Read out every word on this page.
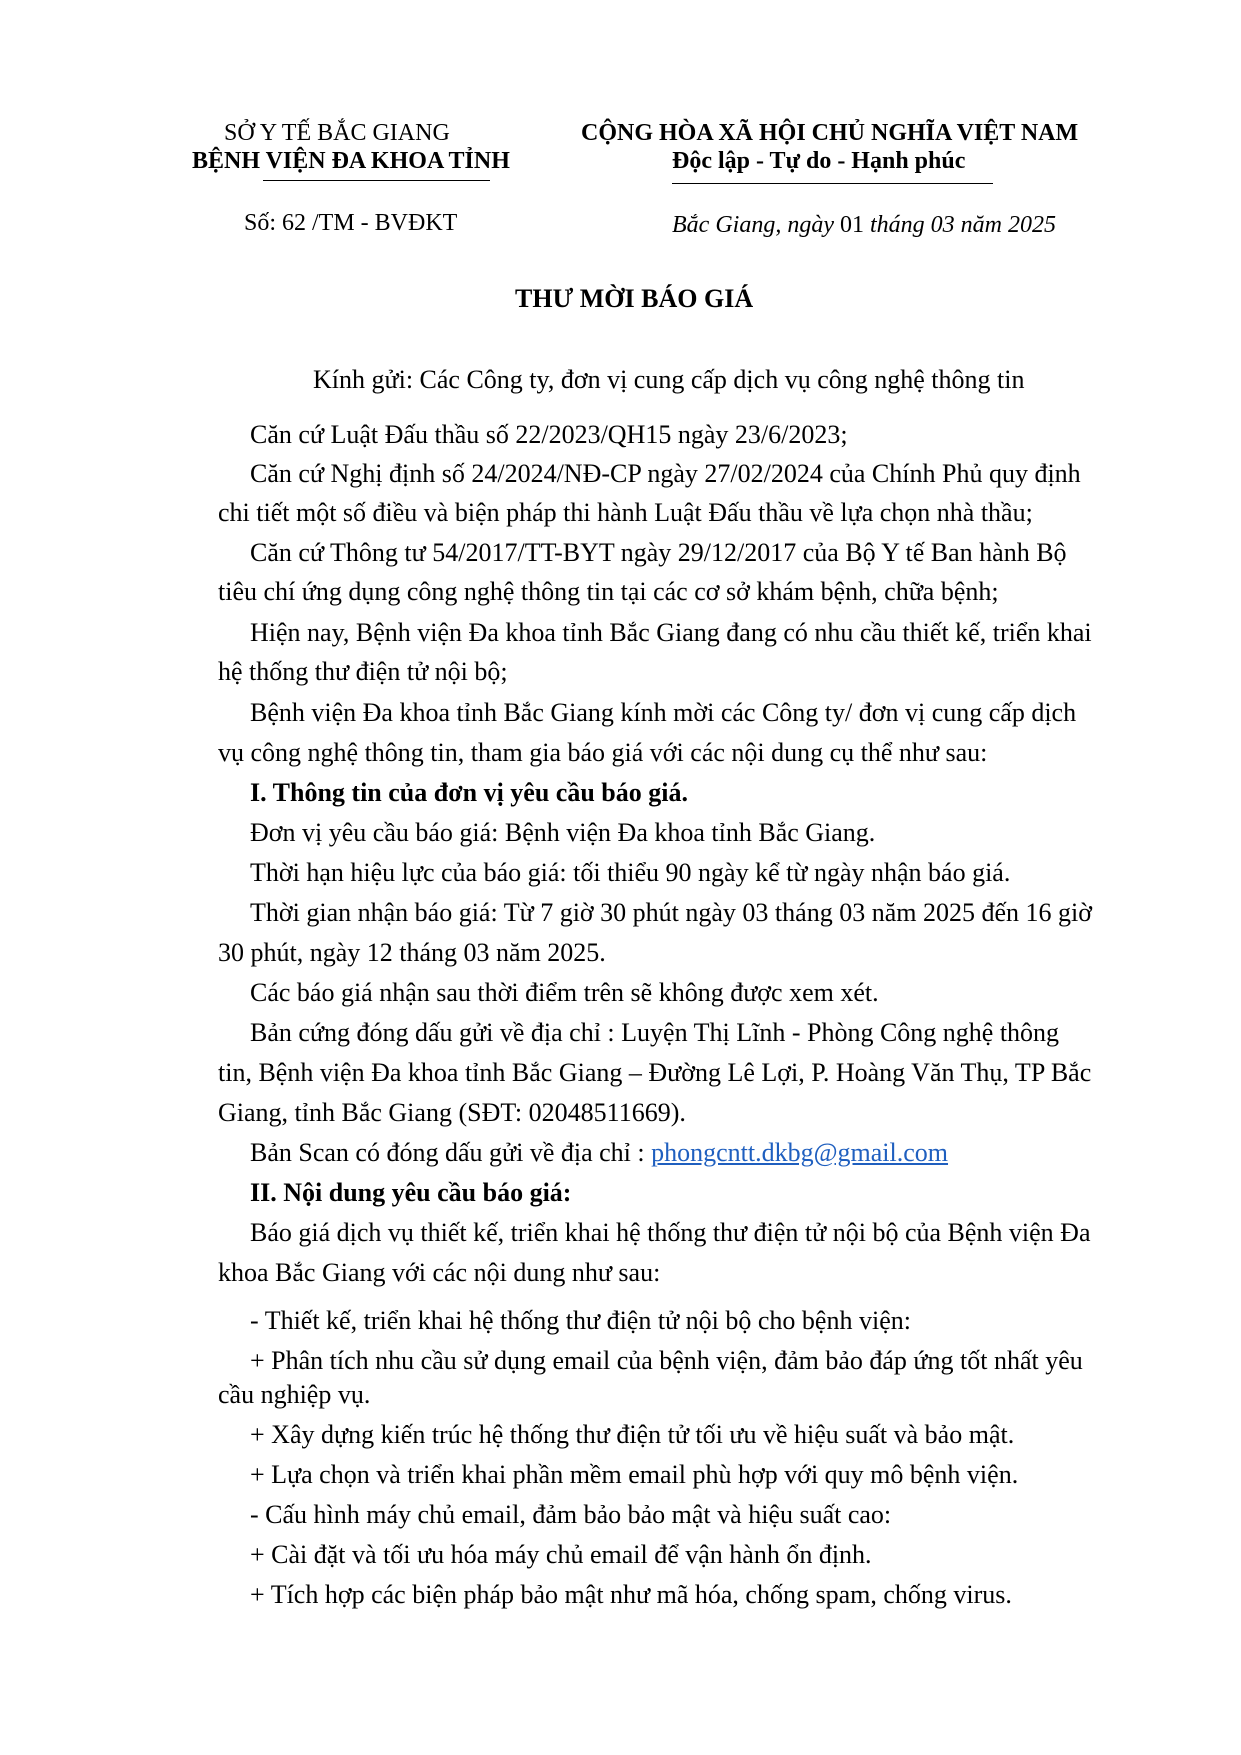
SỞ Y TẾ BẮC GIANG
BỆNH VIỆN ĐA KHOA TỈNH
CỘNG HÒA XÃ HỘI CHỦ NGHĨA VIỆT NAM
Độc lập - Tự do - Hạnh phúc
Số: 62 /TM - BVĐKT	Bắc Giang, ngày 01 tháng 03 năm 2025
THƯ MỜI BÁO GIÁ
Kính gửi: Các Công ty, đơn vị cung cấp dịch vụ công nghệ thông tin
Căn cứ Luật Đấu thầu số 22/2023/QH15 ngày 23/6/2023;
Căn cứ Nghị định số 24/2024/NĐ-CP ngày 27/02/2024 của Chính Phủ quy định
chi tiết một số điều và biện pháp thi hành Luật Đấu thầu về lựa chọn nhà thầu;
Căn cứ Thông tư 54/2017/TT-BYT ngày 29/12/2017 của Bộ Y tế Ban hành Bộ
tiêu chí ứng dụng công nghệ thông tin tại các cơ sở khám bệnh, chữa bệnh;
Hiện nay, Bệnh viện Đa khoa tỉnh Bắc Giang đang có nhu cầu thiết kế, triển khai
hệ thống thư điện tử nội bộ;
Bệnh viện Đa khoa tỉnh Bắc Giang kính mời các Công ty/ đơn vị cung cấp dịch
vụ công nghệ thông tin, tham gia báo giá với các nội dung cụ thể như sau:
I. Thông tin của đơn vị yêu cầu báo giá.
Đơn vị yêu cầu báo giá: Bệnh viện Đa khoa tỉnh Bắc Giang.
Thời hạn hiệu lực của báo giá: tối thiểu 90 ngày kể từ ngày nhận báo giá.
Thời gian nhận báo giá: Từ 7 giờ 30 phút ngày 03 tháng 03 năm 2025 đến 16 giờ
30 phút, ngày 12 tháng 03 năm 2025.
Các báo giá nhận sau thời điểm trên sẽ không được xem xét.
Bản cứng đóng dấu gửi về địa chỉ : Luyện Thị Lĩnh - Phòng Công nghệ thông
tin, Bệnh viện Đa khoa tỉnh Bắc Giang – Đường Lê Lợi, P. Hoàng Văn Thụ, TP Bắc
Giang, tỉnh Bắc Giang (SĐT: 02048511669).
Bản Scan có đóng dấu gửi về địa chỉ : phongcntt.dkbg@gmail.com
II. Nội dung yêu cầu báo giá:
Báo giá dịch vụ thiết kế, triển khai hệ thống thư điện tử nội bộ của Bệnh viện Đa
khoa Bắc Giang với các nội dung như sau:
- Thiết kế, triển khai hệ thống thư điện tử nội bộ cho bệnh viện:
+ Phân tích nhu cầu sử dụng email của bệnh viện, đảm bảo đáp ứng tốt nhất yêu
cầu nghiệp vụ.
+ Xây dựng kiến trúc hệ thống thư điện tử tối ưu về hiệu suất và bảo mật.
+ Lựa chọn và triển khai phần mềm email phù hợp với quy mô bệnh viện.
- Cấu hình máy chủ email, đảm bảo bảo mật và hiệu suất cao:
+ Cài đặt và tối ưu hóa máy chủ email để vận hành ổn định.
+ Tích hợp các biện pháp bảo mật như mã hóa, chống spam, chống virus.
